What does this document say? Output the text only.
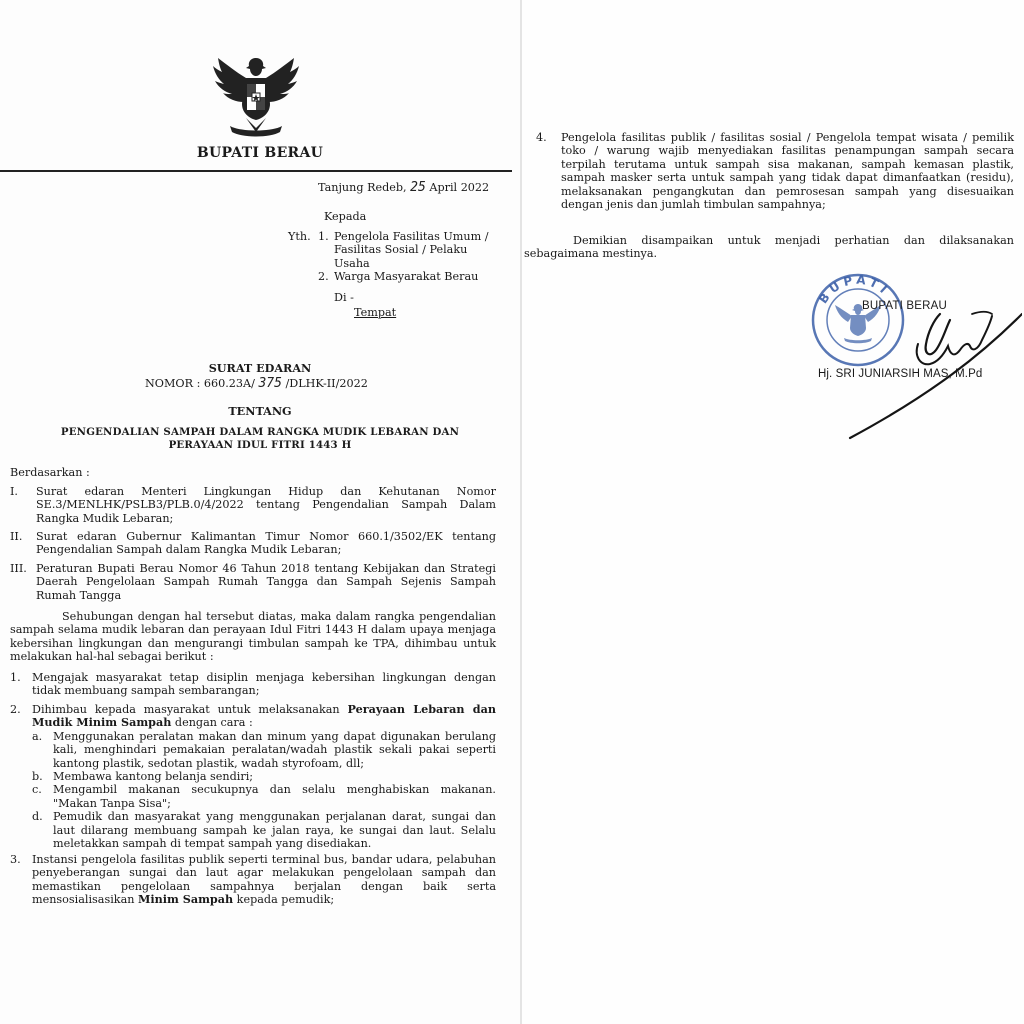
BUPATI BERAU
Tanjung Redeb, 25 April 2022
Kepada
Yth. 1. Pengelola Fasilitas Umum /
Fasilitas Sosial / Pelaku
Usaha
2. Warga Masyarakat Berau
Di -
Tempat
SURAT EDARAN
NOMOR : 660.23A/ 375 /DLHK-II/2022
TENTANG
PENGENDALIAN SAMPAH DALAM RANGKA MUDIK LEBARAN DAN
PERAYAAN IDUL FITRI 1443 H
Berdasarkan :
I.	Surat edaran Menteri Lingkungan Hidup dan Kehutanan Nomor SE.3/MENLHK/PSLB3/PLB.0/4/2022 tentang Pengendalian Sampah Dalam Rangka Mudik Lebaran;
II.	Surat edaran Gubernur Kalimantan Timur Nomor 660.1/3502/EK tentang Pengendalian Sampah dalam Rangka Mudik Lebaran;
III. Peraturan Bupati Berau Nomor 46 Tahun 2018 tentang Kebijakan dan Strategi Daerah Pengelolaan Sampah Rumah Tangga dan Sampah Sejenis Sampah Rumah Tangga
Sehubungan dengan hal tersebut diatas, maka dalam rangka pengendalian sampah selama mudik lebaran dan perayaan Idul Fitri 1443 H dalam upaya menjaga kebersihan lingkungan dan mengurangi timbulan sampah ke TPA, dihimbau untuk melakukan hal-hal sebagai berikut :
1.	Mengajak masyarakat tetap disiplin menjaga kebersihan lingkungan dengan tidak membuang sampah sembarangan;
2. Dihimbau kepada masyarakat untuk melaksanakan Perayaan Lebaran dan Mudik Minim Sampah dengan cara :
a. Menggunakan peralatan makan dan minum yang dapat digunakan berulang kali, menghindari pemakaian peralatan/wadah plastik sekali pakai seperti kantong plastik, sedotan plastik, wadah styrofoam, dll;
b. Membawa kantong belanja sendiri;
c. Mengambil makanan secukupnya dan selalu menghabiskan makanan. "Makan Tanpa Sisa";
d. Pemudik dan masyarakat yang menggunakan perjalanan darat, sungai dan laut dilarang membuang sampah ke jalan raya, ke sungai dan laut. Selalu meletakkan sampah di tempat sampah yang disediakan.
3.	Instansi pengelola fasilitas publik seperti terminal bus, bandar udara, pelabuhan penyeberangan sungai dan laut agar melakukan pengelolaan sampah dan memastikan pengelolaan sampahnya berjalan dengan baik serta mensosialisasikan Minim Sampah kepada pemudik;
4.	Pengelola fasilitas publik / fasilitas sosial / Pengelola tempat wisata / pemilik toko / warung wajib menyediakan fasilitas penampungan sampah secara terpilah terutama untuk sampah sisa makanan, sampah kemasan plastik, sampah masker serta untuk sampah yang tidak dapat dimanfaatkan (residu), melaksanakan pengangkutan dan pemrosesan sampah yang disesuaikan dengan jenis dan jumlah timbulan sampahnya;
Demikian disampaikan untuk menjadi perhatian dan dilaksanakan sebagaimana mestinya.
BUPATI
BUPATI BERAU
Hj. SRI JUNIARSIH MAS, M.Pd
